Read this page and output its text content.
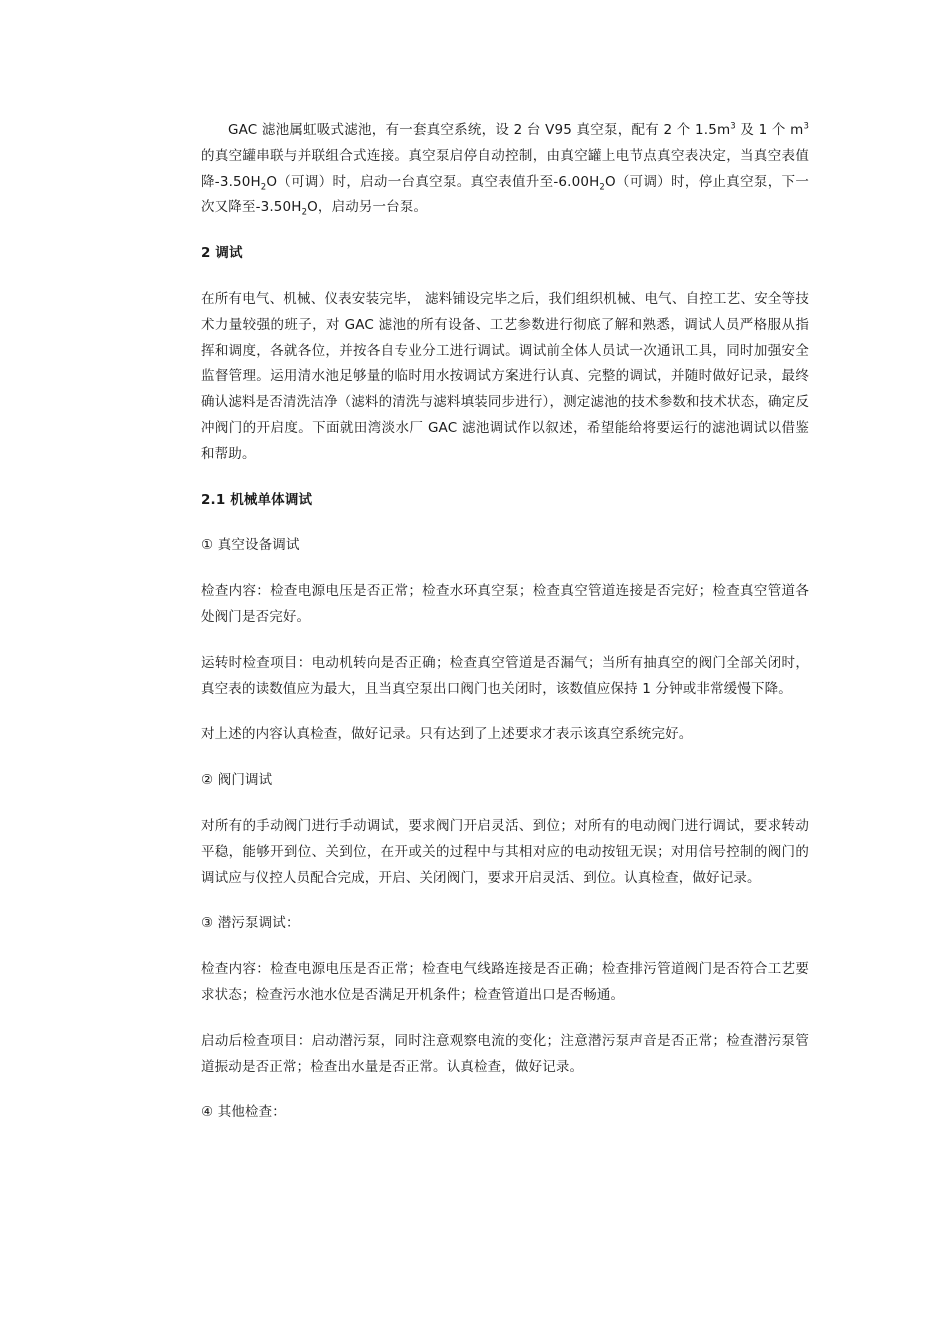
GAC 滤池属虹吸式滤池，有一套真空系统，设 2 台 V95 真空泵，配有 2 个 $1.5m^3$ 及 1 个 $m^3$ 的真空罐串联与并联组合式连接。真空泵启停自动控制，由真空罐上电节点真空表决定，当真空表值降$-3.50H_2O$（可调）时，启动一台真空泵。真空表值升至$-6.00H_2O$（可调）时，停止真空泵，下一次又降至$-3.50H_2O$，启动另一台泵。

2 调试

在所有电气、机械、仪表安装完毕， 滤料铺设完毕之后，我们组织机械、电气、自控工艺、安全等技术力量较强的班子，对 GAC 滤池的所有设备、工艺参数进行彻底了解和熟悉，调试人员严格服从指挥和调度，各就各位，并按各自专业分工进行调试。调试前全体人员试一次通讯工具，同时加强安全监督管理。运用清水池足够量的临时用水按调试方案进行认真、完整的调试，并随时做好记录，最终确认滤料是否清洗洁净（滤料的清洗与滤料填装同步进行），测定滤池的技术参数和技术状态，确定反冲阀门的开启度。下面就田湾淡水厂 GAC 滤池调试作以叙述，希望能给将要运行的滤池调试以借鉴和帮助。

2.1 机械单体调试

① 真空设备调试

检查内容：检查电源电压是否正常；检查水环真空泵；检查真空管道连接是否完好；检查真空管道各处阀门是否完好。

运转时检查项目：电动机转向是否正确；检查真空管道是否漏气；当所有抽真空的阀门全部关闭时，真空表的读数值应为最大，且当真空泵出口阀门也关闭时，该数值应保持 1 分钟或非常缓慢下降。

对上述的内容认真检查，做好记录。只有达到了上述要求才表示该真空系统完好。

② 阀门调试

对所有的手动阀门进行手动调试，要求阀门开启灵活、到位；对所有的电动阀门进行调试，要求转动平稳，能够开到位、关到位，在开或关的过程中与其相对应的电动按钮无误；对用信号控制的阀门的调试应与仪控人员配合完成，开启、关闭阀门，要求开启灵活、到位。认真检查，做好记录。

③ 潜污泵调试：

检查内容：检查电源电压是否正常；检查电气线路连接是否正确；检查排污管道阀门是否符合工艺要求状态；检查污水池水位是否满足开机条件；检查管道出口是否畅通。

启动后检查项目：启动潜污泵，同时注意观察电流的变化；注意潜污泵声音是否正常；检查潜污泵管道振动是否正常；检查出水量是否正常。认真检查，做好记录。

④ 其他检查：
